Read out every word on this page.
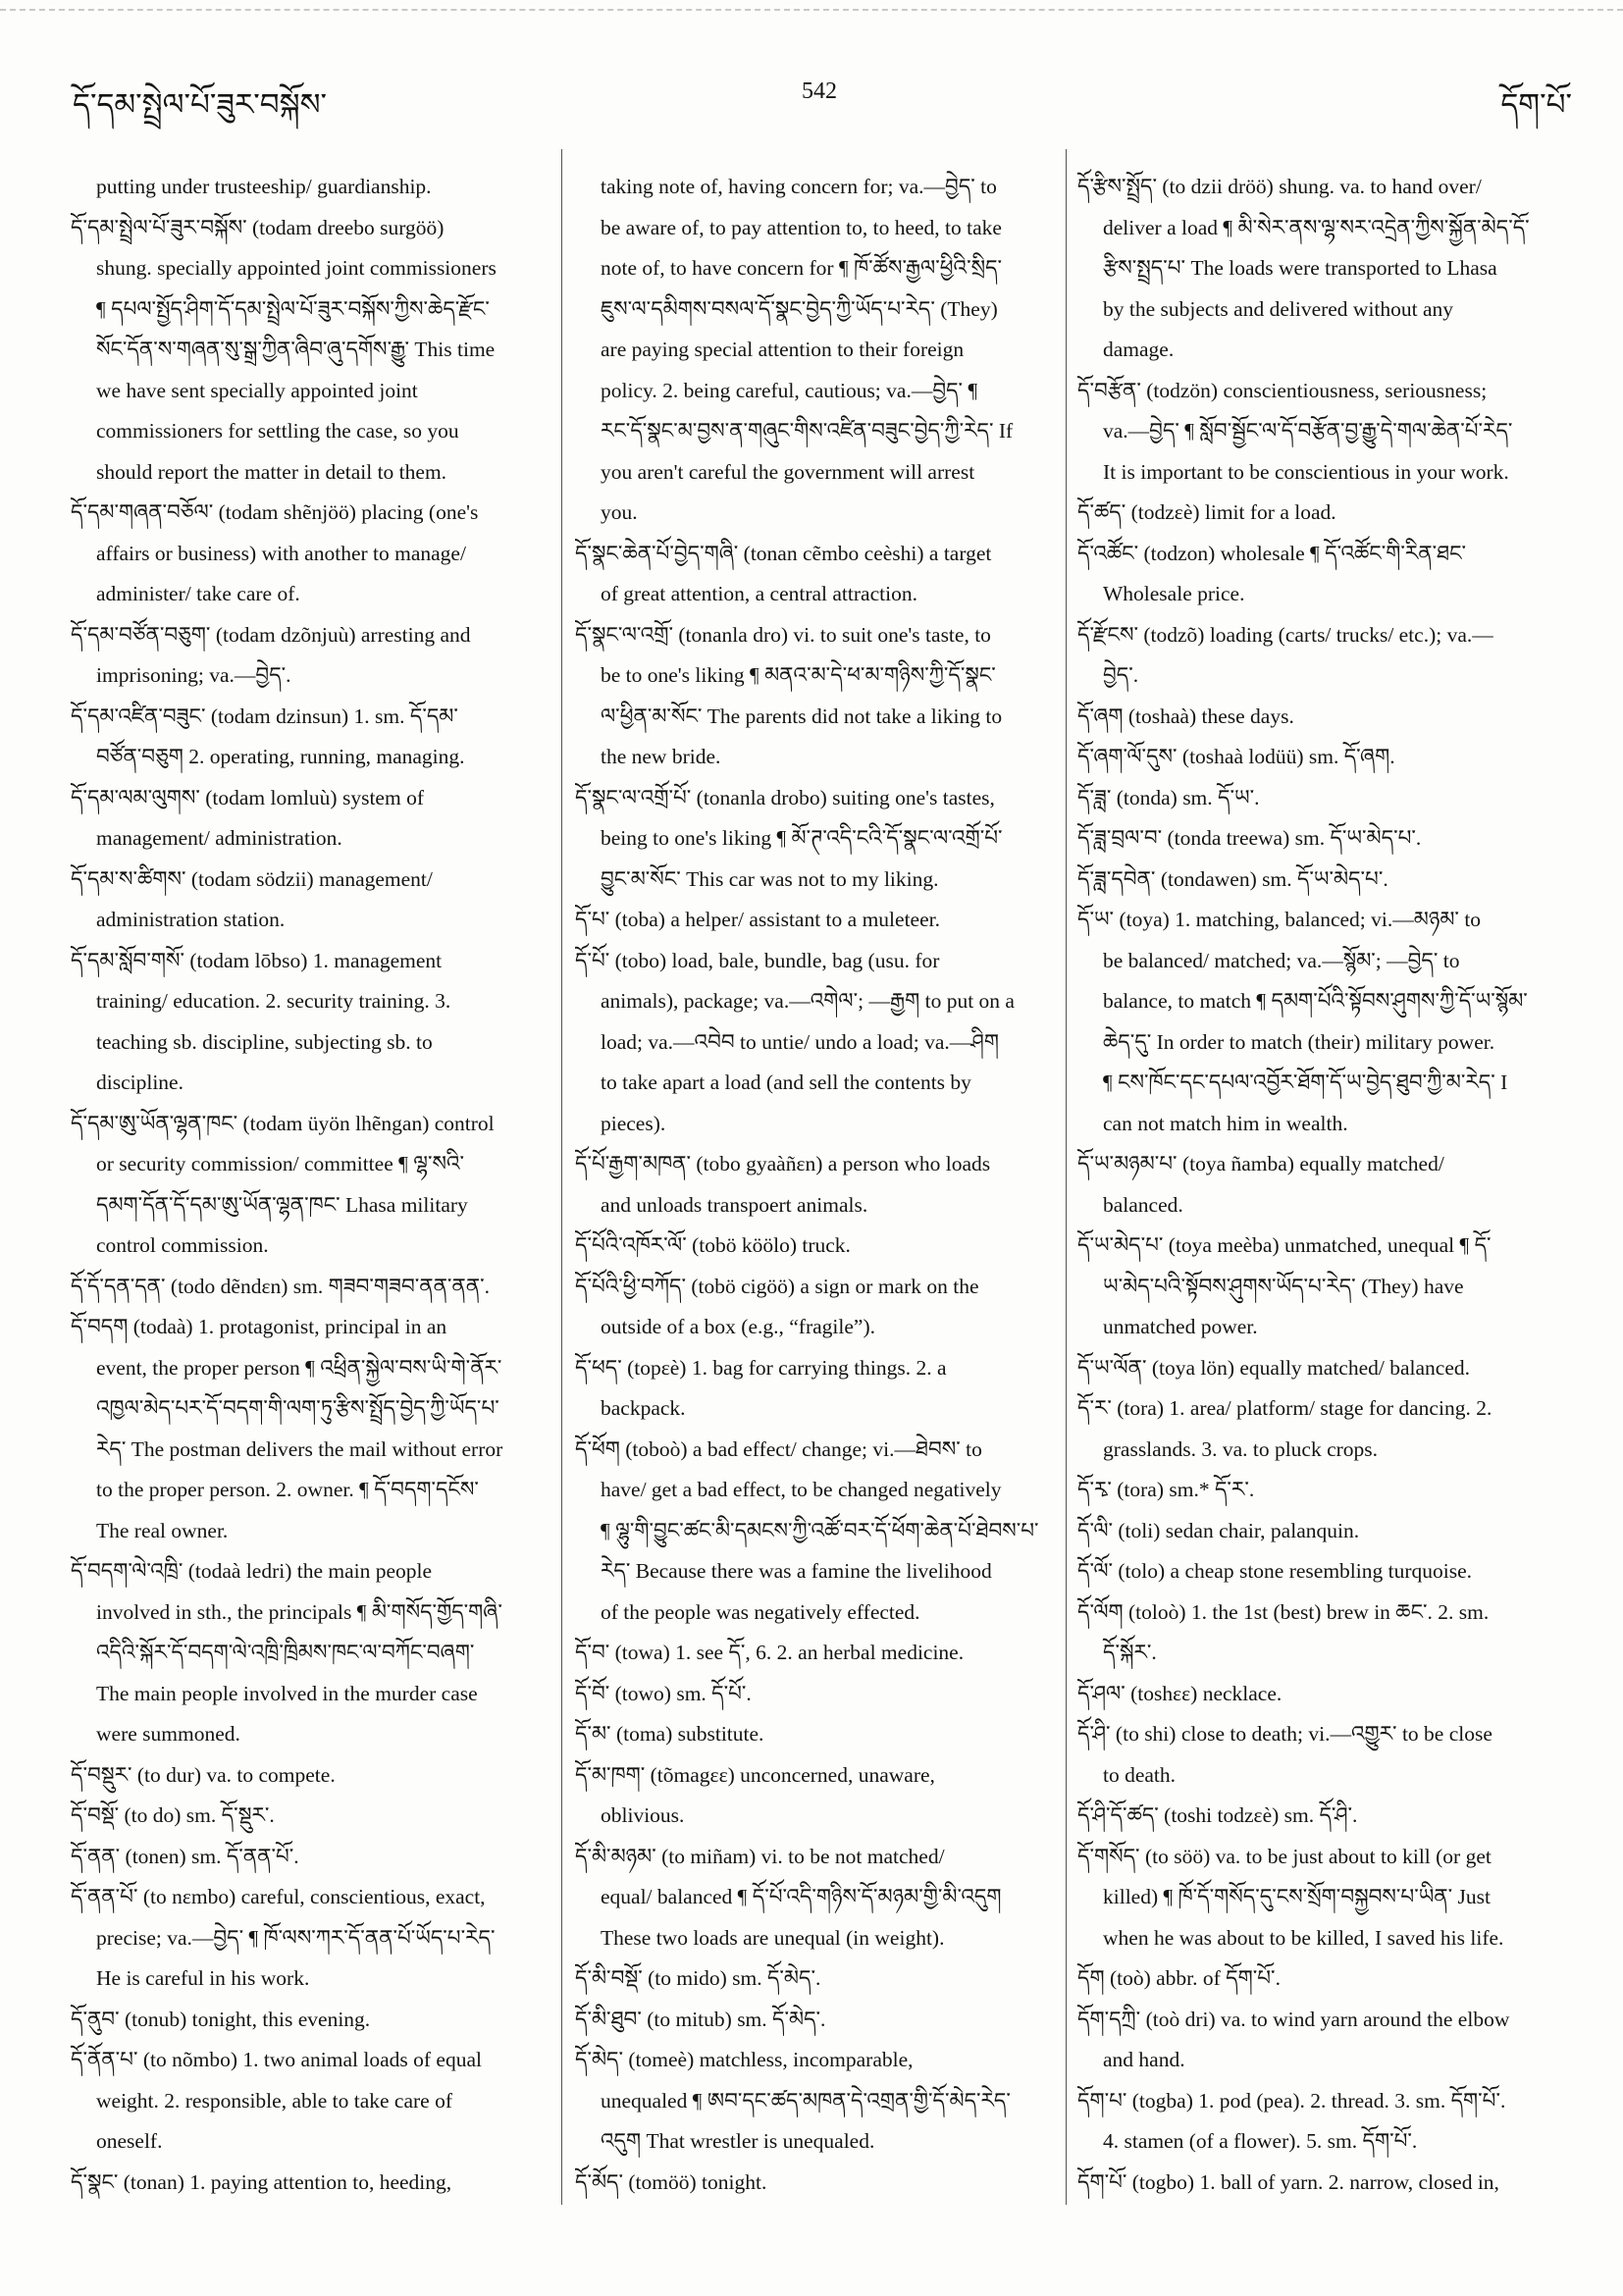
དོ་དམ་སྤྲེལ་པོ་ཟུར་བསྐོས་	542	དོག་པོ་
putting under trusteeship/ guardianship.
དོ་དམ་སྤྲེལ་པོ་ཟུར་བསྐོས་ (todam dreebo surgöö)
shung. specially appointed joint commissioners
¶ དཔལ་སྤྱོད་ཤིག་དོ་དམ་སྤྲེལ་པོ་ཟུར་བསྐོས་ཀྱིས་ཆེད་རྫོང་
སོང་དོན་ས་གཞན་སུ་སྒྲ་ཀྱིན་ཞིབ་ཞུ་དགོས་རྒྱུ་ This time
we have sent specially appointed joint
commissioners for settling the case, so you
should report the matter in detail to them.
དོ་དམ་གཞན་བཅོལ་ (todam shẽnjöö) placing (one's
affairs or business) with another to manage/
administer/ take care of.
དོ་དམ་བཙོན་བཅུག་ (todam dzõnjuù) arresting and
imprisoning; va.—བྱེད་.
དོ་དམ་འཛིན་བཟུང་ (todam dzinsun) 1. sm. དོ་དམ་
བཙོན་བཅུག 2. operating, running, managing.
དོ་དམ་ལམ་ལུགས་ (todam lomluù) system of
management/ administration.
དོ་དམ་ས་ཚིགས་ (todam södzii) management/
administration station.
དོ་དམ་སློབ་གསོ་ (todam lōbso) 1. management
training/ education. 2. security training. 3.
teaching sb. discipline, subjecting sb. to
discipline.
དོ་དམ་ཨུ་ཡོན་ལྷན་ཁང་ (todam üyön lhẽngan) control
or security commission/ committee ¶ ལྷ་སའི་
དམག་དོན་དོ་དམ་ཨུ་ཡོན་ལྷན་ཁང་ Lhasa military
control commission.
དོ་དོ་དན་དན་ (todo dẽndεn) sm. གཟབ་གཟབ་ནན་ནན་.
དོ་བདག (todaà) 1. protagonist, principal in an
event, the proper person ¶ འཕྲིན་སྐྱེལ་བས་ཡི་གེ་ནོར་
འཁྱལ་མེད་པར་དོ་བདག་གི་ལག་ཏུ་རྩིས་སྤྲོད་བྱེད་ཀྱི་ཡོད་པ་
རེད་ The postman delivers the mail without error
to the proper person. 2. owner. ¶ དོ་བདག་དངོས་
The real owner.
དོ་བདག་ལེ་འཁྲི་ (todaà ledri) the main people
involved in sth., the principals ¶ མི་གསོད་གྱོད་གཞི་
འདིའི་སྐོར་དོ་བདག་ལེ་འཁྲི་ཁྲིམས་ཁང་ལ་བཀོང་བཞག་
The main people involved in the murder case
were summoned.
དོ་བསྡུར་ (to dur) va. to compete.
དོ་བསྡོ་ (to do) sm. དོ་སྡུར་.
དོ་ནན་ (tonen) sm. དོ་ནན་པོ་.
དོ་ནན་པོ་ (to nεmbo) careful, conscientious, exact,
precise; va.—བྱེད་ ¶ ཁོ་ལས་ཀར་དོ་ནན་པོ་ཡོད་པ་རེད་
He is careful in his work.
དོ་ནུབ་ (tonub) tonight, this evening.
དོ་ནོན་པ་ (to nõmbo) 1. two animal loads of equal
weight. 2. responsible, able to take care of
oneself.
དོ་སྣང་ (tonan) 1. paying attention to, heeding,
taking note of, having concern for; va.—བྱེད་ to
be aware of, to pay attention to, to heed, to take
note of, to have concern for ¶ ཁོ་ཚོས་རྒྱལ་ཕྱིའི་སྲིད་
ཇུས་ལ་དམིགས་བསལ་དོ་སྣང་བྱེད་ཀྱི་ཡོད་པ་རེད་ (They)
are paying special attention to their foreign
policy. 2. being careful, cautious; va.—བྱེད་ ¶
རང་དོ་སྣང་མ་བྱས་ན་གཞུང་གིས་འཛིན་བཟུང་བྱེད་ཀྱི་རེད་ If
you aren't careful the government will arrest
you.
དོ་སྣང་ཆེན་པོ་བྱེད་གཞི་ (tonan cẽmbo ceèshi) a target
of great attention, a central attraction.
དོ་སྣང་ལ་འགྲོ་ (tonanla dro) vi. to suit one's taste, to
be to one's liking ¶ མནའ་མ་དེ་ཕ་མ་གཉིས་ཀྱི་དོ་སྣང་
ལ་ཕྱིན་མ་སོང་ The parents did not take a liking to
the new bride.
དོ་སྣང་ལ་འགྲོ་པོ་ (tonanla drobo) suiting one's tastes,
being to one's liking ¶ མོ་ཊ་འདི་ངའི་དོ་སྣང་ལ་འགྲོ་པོ་
བྱུང་མ་སོང་ This car was not to my liking.
དོ་པ་ (toba) a helper/ assistant to a muleteer.
དོ་པོ་ (tobo) load, bale, bundle, bag (usu. for
animals), package; va.—འགེལ་; —རྒྱག to put on a
load; va.—འབེབ to untie/ undo a load; va.—ཤིག
to take apart a load (and sell the contents by
pieces).
དོ་པོ་རྒྱག་མཁན་ (tobo gyaàñεn) a person who loads
and unloads transpoert animals.
དོ་པོའི་འཁོར་ལོ་ (tobö köölo) truck.
དོ་པོའི་ཕྱི་བཀོད་ (tobö cigöö) a sign or mark on the
outside of a box (e.g., “fragile”).
དོ་ཕད་ (topεè) 1. bag for carrying things. 2. a
backpack.
དོ་ཕོག (toboò) a bad effect/ change; vi.—ཐེབས་ to
have/ get a bad effect, to be changed negatively
¶ ལྷུ་གི་བྱུང་ཚང་མི་དམངས་ཀྱི་འཚོ་བར་དོ་ཕོག་ཆེན་པོ་ཐེབས་པ་
རེད་ Because there was a famine the livelihood
of the people was negatively effected.
དོ་བ་ (towa) 1. see དོ་, 6. 2. an herbal medicine.
དོ་བོ་ (towo) sm. དོ་པོ་.
དོ་མ་ (toma) substitute.
དོ་མ་ཁག་ (tõmagεε) unconcerned, unaware,
oblivious.
དོ་མི་མཉམ་ (to miñam) vi. to be not matched/
equal/ balanced ¶ དོ་པོ་འདི་གཉིས་དོ་མཉམ་གྱི་མི་འདུག
These two loads are unequal (in weight).
དོ་མི་བསྡོ་ (to mido) sm. དོ་མེད་.
དོ་མི་ཐུབ་ (to mitub) sm. དོ་མེད་.
དོ་མེད་ (tomeè) matchless, incomparable,
unequaled ¶ ཨབ་དང་ཚད་མཁན་དེ་འགྲན་གྱི་དོ་མེད་རེད་
འདུག That wrestler is unequaled.
དོ་མོད་ (tomöö) tonight.
དོ་རྩིས་སྤྲོད་ (to dzii dröö) shung. va. to hand over/
deliver a load ¶ མི་སེར་ནས་ལྷ་སར་འདྲེན་ཀྱིས་སྐྱོན་མེད་དོ་
རྩིས་སྤྲད་པ་ The loads were transported to Lhasa
by the subjects and delivered without any
damage.
དོ་བརྩོན་ (todzön) conscientiousness, seriousness;
va.—བྱེད་ ¶ སློབ་སྦྱོང་ལ་དོ་བརྩོན་བྱ་རྒྱུ་དེ་གལ་ཆེན་པོ་རེད་
It is important to be conscientious in your work.
དོ་ཚད་ (todzεè) limit for a load.
དོ་འཚོང་ (todzon) wholesale ¶ དོ་འཚོང་གི་རིན་ཐང་
Wholesale price.
དོ་རྫོངས་ (todzõ) loading (carts/ trucks/ etc.); va.—
བྱེད་.
དོ་ཞག (toshaà) these days.
དོ་ཞག་ལོ་དུས་ (toshaà lodüü) sm. དོ་ཞག.
དོ་ཟླ་ (tonda) sm. དོ་ཡ་.
དོ་ཟླ་བྲལ་བ་ (tonda treewa) sm. དོ་ཡ་མེད་པ་.
དོ་ཟླ་དབེན་ (tondawen) sm. དོ་ཡ་མེད་པ་.
དོ་ཡ་ (toya) 1. matching, balanced; vi.—མཉམ་ to
be balanced/ matched; va.—སྙོམ་; —བྱེད་ to
balance, to match ¶ དམག་པོའི་སྟོབས་ཤུགས་ཀྱི་དོ་ཡ་སྙོམ་
ཆེད་དུ་ In order to match (their) military power.
¶ ངས་ཁོང་དང་དཔལ་འབྱོར་ཐོག་དོ་ཡ་བྱེད་ཐུབ་ཀྱི་མ་རེད་ I
can not match him in wealth.
དོ་ཡ་མཉམ་པ་ (toya ñamba) equally matched/
balanced.
དོ་ཡ་མེད་པ་ (toya meèba) unmatched, unequal ¶ དོ་
ཡ་མེད་པའི་སྟོབས་ཤུགས་ཡོད་པ་རེད་ (They) have
unmatched power.
དོ་ཡ་ལོན་ (toya lön) equally matched/ balanced.
དོ་ར་ (tora) 1. area/ platform/ stage for dancing. 2.
grasslands. 3. va. to pluck crops.
དོ་རྭ་ (tora) sm.* དོ་ར་.
དོ་ལི་ (toli) sedan chair, palanquin.
དོ་ལོ་ (tolo) a cheap stone resembling turquoise.
དོ་ལོག (toloò) 1. the 1st (best) brew in ཆང་. 2. sm.
དོ་སྐོར་.
དོ་ཤལ་ (toshεε) necklace.
དོ་ཤི་ (to shi) close to death; vi.—འགྱུར་ to be close
to death.
དོ་ཤི་དོ་ཚད་ (toshi todzεè) sm. དོ་ཤི་.
དོ་གསོད་ (to söö) va. to be just about to kill (or get
killed) ¶ ཁོ་དོ་གསོད་དུ་ངས་སྲོག་བསྐྱབས་པ་ཡིན་ Just
when he was about to be killed, I saved his life.
དོག (toò) abbr. of དོག་པོ་.
དོག་དཀྲི་ (toò dri) va. to wind yarn around the elbow
and hand.
དོག་པ་ (togba) 1. pod (pea). 2. thread. 3. sm. དོག་པོ་.
4. stamen (of a flower). 5. sm. དོག་པོ་.
དོག་པོ་ (togbo) 1. ball of yarn. 2. narrow, closed in,
